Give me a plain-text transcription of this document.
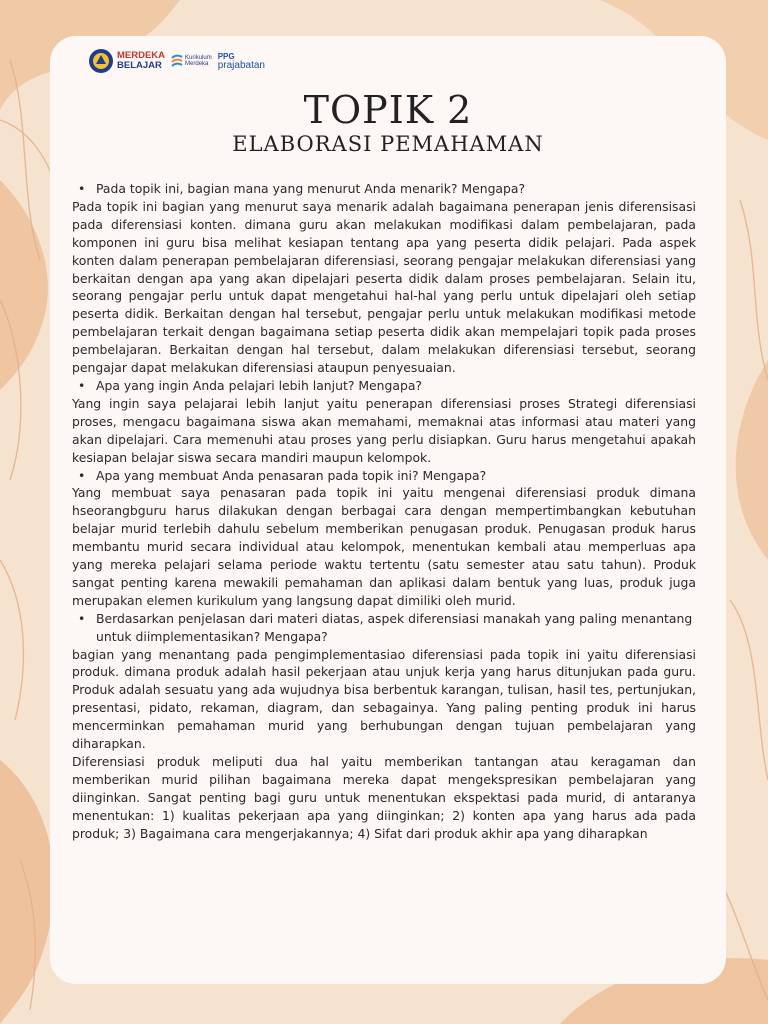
MERDEKA
BELAJAR
Kurikulum
Merdeka
PPG
prajabatan
TOPIK 2
ELABORASI PEMAHAMAN

• Pada topik ini, bagian mana yang menurut Anda menarik? Mengapa?

Pada topik ini bagian yang menurut saya menarik adalah bagaimana penerapan jenis diferensisasi pada diferensiasi konten. dimana guru akan melakukan modifikasi dalam pembelajaran, pada komponen ini guru bisa melihat kesiapan tentang apa yang peserta didik pelajari. Pada aspek konten dalam penerapan pembelajaran diferensiasi, seorang pengajar melakukan diferensiasi yang berkaitan dengan apa yang akan dipelajari peserta didik dalam proses pembelajaran. Selain itu, seorang pengajar perlu untuk dapat mengetahui hal-hal yang perlu untuk dipelajari oleh setiap peserta didik. Berkaitan dengan hal tersebut, pengajar perlu untuk melakukan modifikasi metode pembelajaran terkait dengan bagaimana setiap peserta didik akan mempelajari topik pada proses pembelajaran. Berkaitan dengan hal tersebut, dalam melakukan diferensiasi tersebut, seorang pengajar dapat melakukan diferensiasi ataupun penyesuaian.

• Apa yang ingin Anda pelajari lebih lanjut? Mengapa?

Yang ingin saya pelajarai lebih lanjut yaitu penerapan diferensiasi proses Strategi diferensiasi proses, mengacu bagaimana siswa akan memahami, memaknai atas informasi atau materi yang akan dipelajari. Cara memenuhi atau proses yang perlu disiapkan. Guru harus mengetahui apakah kesiapan belajar siswa secara mandiri maupun kelompok.

• Apa yang membuat Anda penasaran pada topik ini? Mengapa?

Yang membuat saya penasaran pada topik ini yaitu mengenai diferensiasi produk dimana hseorangbguru harus dilakukan dengan berbagai cara dengan mempertimbangkan kebutuhan belajar murid terlebih dahulu sebelum memberikan penugasan produk. Penugasan produk harus membantu murid secara individual atau kelompok, menentukan kembali atau memperluas apa yang mereka pelajari selama periode waktu tertentu (satu semester atau satu tahun). Produk sangat penting karena mewakili pemahaman dan aplikasi dalam bentuk yang luas, produk juga merupakan elemen kurikulum yang langsung dapat dimiliki oleh murid.

• Berdasarkan penjelasan dari materi diatas, aspek diferensiasi manakah yang paling menantang untuk diimplementasikan? Mengapa?

bagian yang menantang pada pengimplementasiao diferensiasi pada topik ini yaitu diferensiasi produk. dimana produk adalah hasil pekerjaan atau unjuk kerja yang harus ditunjukan pada guru. Produk adalah sesuatu yang ada wujudnya bisa berbentuk karangan, tulisan, hasil tes, pertunjukan, presentasi, pidato, rekaman, diagram, dan sebagainya. Yang paling penting produk ini harus mencerminkan pemahaman murid yang berhubungan dengan tujuan pembelajaran yang diharapkan.

Diferensiasi produk meliputi dua hal yaitu memberikan tantangan atau keragaman dan memberikan murid pilihan bagaimana mereka dapat mengekspresikan pembelajaran yang diinginkan. Sangat penting bagi guru untuk menentukan ekspektasi pada murid, di antaranya menentukan: 1) kualitas pekerjaan apa yang diinginkan; 2) konten apa yang harus ada pada produk; 3) Bagaimana cara mengerjakannya; 4) Sifat dari produk akhir apa yang diharapkan
